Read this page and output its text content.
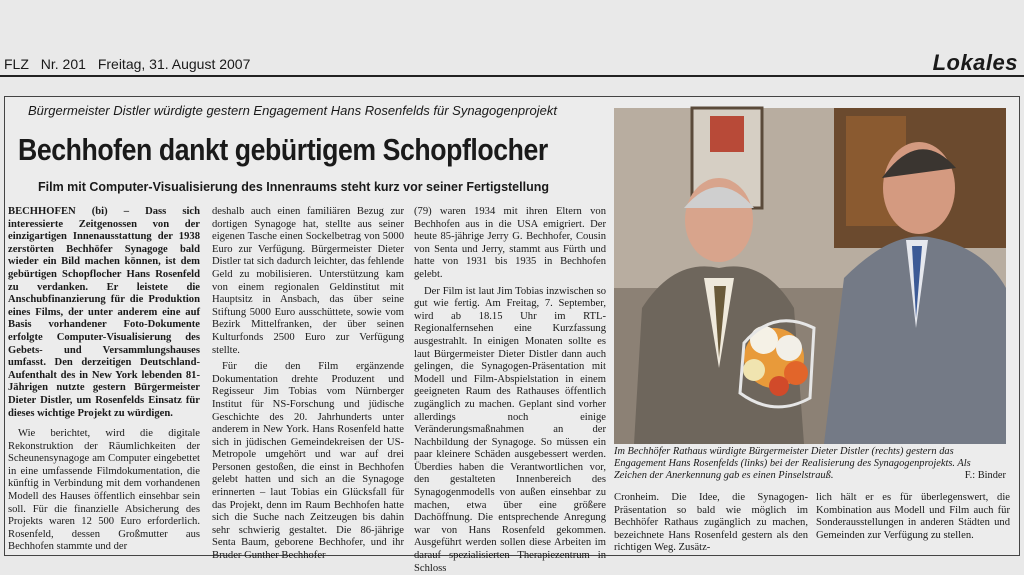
FLZ Nr. 201 Freitag, 31. August 2007	Lokales
Bürgermeister Distler würdigte gestern Engagement Hans Rosenfelds für Synagogenprojekt
Bechhofen dankt gebürtigem Schopflocher
Film mit Computer-Visualisierung des Innenraums steht kurz vor seiner Fertigstellung

BECHHOFEN (bi) – Dass sich interessierte Zeitgenossen von der einzigartigen Innenausstattung der 1938 zerstörten Bechhöfer Synagoge bald wieder ein Bild machen können, ist dem gebürtigen Schopflocher Hans Rosenfeld zu verdanken. Er leistete die Anschubfinanzierung für die Produktion eines Films, der unter anderem eine auf Basis vorhandener Foto-Dokumente erfolgte Computer-Visualisierung des Gebets- und Versammlungshauses umfasst. Den derzeitigen Deutschland-Aufenthalt des in New York lebenden 81-Jährigen nutzte gestern Bürgermeister Dieter Distler, um Rosenfelds Einsatz für dieses wichtige Projekt zu würdigen.

Wie berichtet, wird die digitale Rekonstruktion der Räumlichkeiten der Scheunensynagoge am Computer eingebettet in eine umfassende Filmdokumentation, die künftig in Verbindung mit dem vorhandenen Modell des Hauses öffentlich einsehbar sein soll. Für die finanzielle Absicherung des Projekts waren 12 500 Euro erforderlich. Rosenfeld, dessen Großmutter aus Bechhofen stammte und der

deshalb auch einen familiären Bezug zur dortigen Synagoge hat, stellte aus seiner eigenen Tasche einen Sockelbetrag von 5000 Euro zur Verfügung. Bürgermeister Dieter Distler tat sich dadurch leichter, das fehlende Geld zu mobilisieren. Unterstützung kam von einem regionalen Geldinstitut mit Hauptsitz in Ansbach, das über seine Stiftung 5000 Euro ausschüttete, sowie vom Bezirk Mittelfranken, der über seinen Kulturfonds 2500 Euro zur Verfügung stellte.

Für die den Film ergänzende Dokumentation drehte Produzent und Regisseur Jim Tobias vom Nürnberger Institut für NS-Forschung und jüdische Geschichte des 20. Jahrhunderts unter anderem in New York. Hans Rosenfeld hatte sich in jüdischen Gemeindekreisen der US-Metropole umgehört und war auf drei Personen gestoßen, die einst in Bechhofen gelebt hatten und sich an die Synagoge erinnerten – laut Tobias ein Glücksfall für das Projekt, denn im Raum Bechhofen hatte sich die Suche nach Zeitzeugen bis dahin sehr schwierig gestaltet. Die 86-jährige Senta Baum, geborene Bechhofer, und ihr Bruder Gunther Bechhofer

(79) waren 1934 mit ihren Eltern von Bechhofen aus in die USA emigriert. Der heute 85-jährige Jerry G. Bechhofer, Cousin von Senta und Jerry, stammt aus Fürth und hatte von 1931 bis 1935 in Bechhofen gelebt.

Der Film ist laut Jim Tobias inzwischen so gut wie fertig. Am Freitag, 7. September, wird ab 18.15 Uhr im RTL-Regionalfernsehen eine Kurzfassung ausgestrahlt. In einigen Monaten sollte es laut Bürgermeister Dieter Distler dann auch gelingen, die Synagogen-Präsentation mit Modell und Film-Abspielstation in einem geeigneten Raum des Rathauses öffentlich zugänglich zu machen. Geplant sind vorher allerdings noch einige Veränderungsmaßnahmen an der Nachbildung der Synagoge. So müssen ein paar kleinere Schäden ausgebessert werden. Überdies haben die Verantwortlichen vor, den gestalteten Innenbereich des Synagogenmodells von außen einsehbar zu machen, etwa über eine größere Dachöffnung. Die entsprechende Anregung war von Hans Rosenfeld gekommen. Ausgeführt werden sollen diese Arbeiten im darauf spezialisierten Therapiezentrum in Schloss

Im Bechhöfer Rathaus würdigte Bürgermeister Dieter Distler (rechts) gestern das Engagement Hans Rosenfelds (links) bei der Realisierung des Synagogenprojekts. Als Zeichen der Anerkennung gab es einen Pinselstrauß.	F.: Binder

Cronheim. Die Idee, die Synagogen-Präsentation so bald wie möglich im Bechhöfer Rathaus zugänglich zu machen, bezeichnete Hans Rosenfeld gestern als den richtigen Weg. Zusätz-

lich hält er es für überlegenswert, die Kombination aus Modell und Film auch für Sonderausstellungen in anderen Städten und Gemeinden zur Verfügung zu stellen.
